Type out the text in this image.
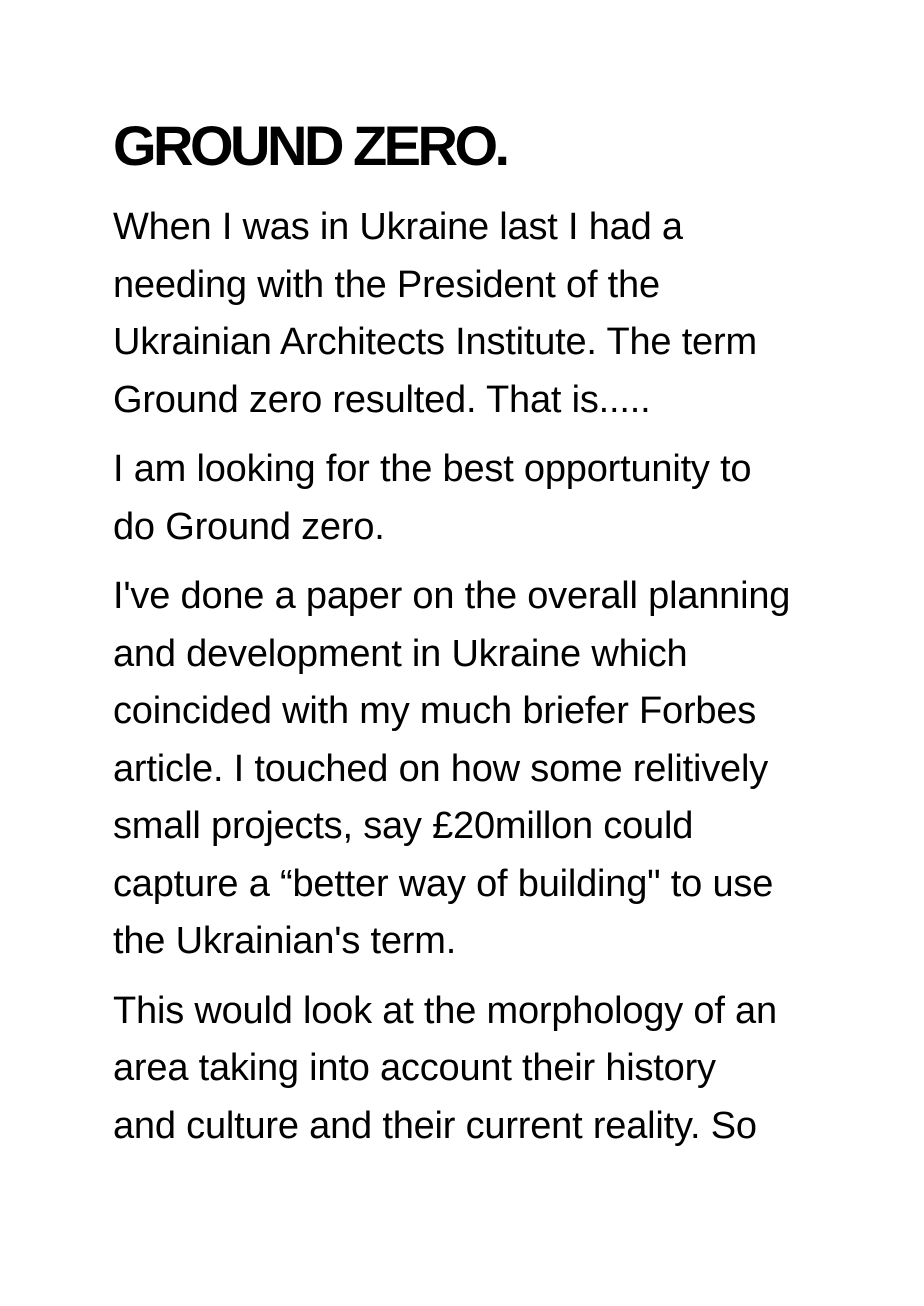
GROUND ZERO.

When I was in Ukraine last I had a
needing with the President of the
Ukrainian Architects Institute. The term
Ground zero resulted. That is.....

I am looking for the best opportunity to
do Ground zero.

I've done a paper on the overall planning
and development in Ukraine which
coincided with my much briefer Forbes
article. I touched on how some relitively
small projects, say £20millon could
capture a “better way of building" to use
the Ukrainian's term.

This would look at the morphology of an
area taking into account their history
and culture and their current reality. So
